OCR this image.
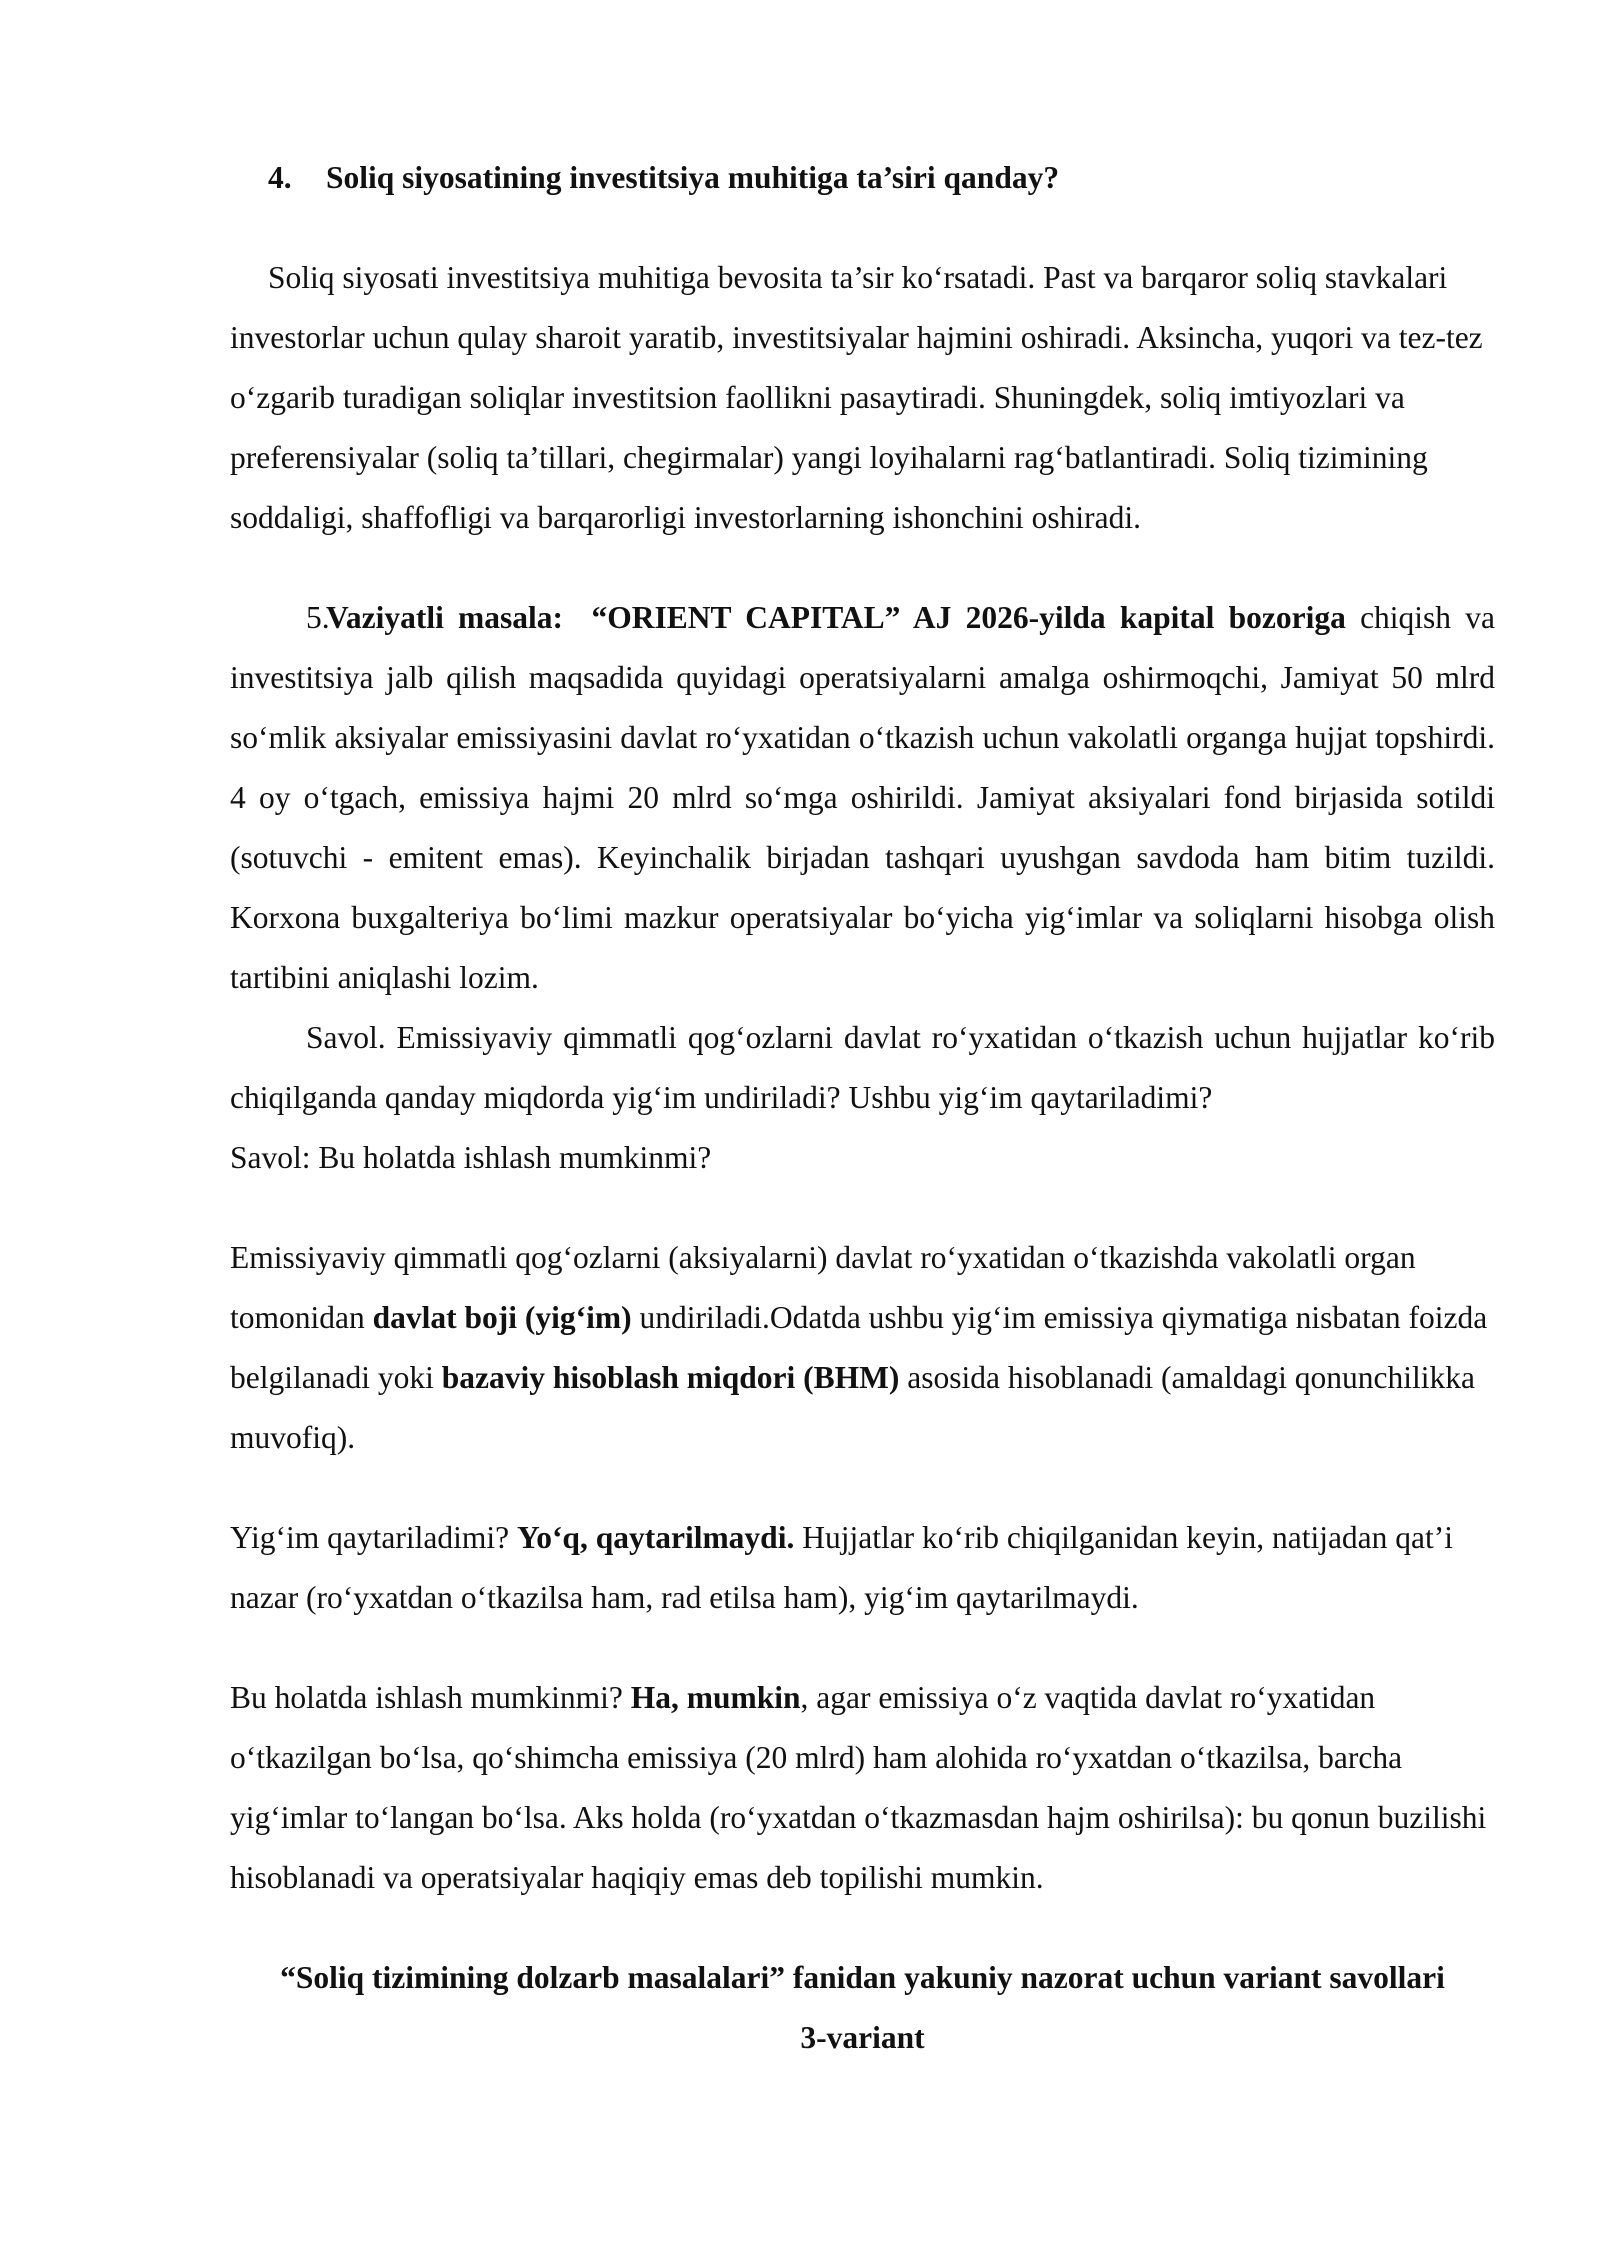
4. Soliq siyosatining investitsiya muhitiga ta’siri qanday?

Soliq siyosati investitsiya muhitiga bevosita ta’sir ko‘rsatadi. Past va barqaror soliq stavkalari investorlar uchun qulay sharoit yaratib, investitsiyalar hajmini oshiradi. Aksincha, yuqori va tez-tez o‘zgarib turadigan soliqlar investitsion faollikni pasaytiradi. Shuningdek, soliq imtiyozlari va preferensiyalar (soliq ta’tillari, chegirmalar) yangi loyihalarni rag‘batlantiradi. Soliq tizimining soddaligi, shaffofligi va barqarorligi investorlarning ishonchini oshiradi.

5.Vaziyatli masala: “ORIENT CAPITAL” AJ 2026-yilda kapital bozoriga chiqish va investitsiya jalb qilish maqsadida quyidagi operatsiyalarni amalga oshirmoqchi, Jamiyat 50 mlrd so‘mlik aksiyalar emissiyasini davlat ro‘yxatidan o‘tkazish uchun vakolatli organga hujjat topshirdi. 4 oy o‘tgach, emissiya hajmi 20 mlrd so‘mga oshirildi. Jamiyat aksiyalari fond birjasida sotildi (sotuvchi - emitent emas). Keyinchalik birjadan tashqari uyushgan savdoda ham bitim tuzildi. Korxona buxgalteriya bo‘limi mazkur operatsiyalar bo‘yicha yig‘imlar va soliqlarni hisobga olish tartibini aniqlashi lozim.

Savol. Emissiyaviy qimmatli qog‘ozlarni davlat ro‘yxatidan o‘tkazish uchun hujjatlar ko‘rib chiqilganda qanday miqdorda yig‘im undiriladi? Ushbu yig‘im qaytariladimi?

Savol: Bu holatda ishlash mumkinmi?

Emissiyaviy qimmatli qog‘ozlarni (aksiyalarni) davlat ro‘yxatidan o‘tkazishda vakolatli organ tomonidan davlat boji (yig‘im) undiriladi.Odatda ushbu yig‘im emissiya qiymatiga nisbatan foizda belgilanadi yoki bazaviy hisoblash miqdori (BHM) asosida hisoblanadi (amaldagi qonunchilikka muvofiq).

Yig‘im qaytariladimi? Yo‘q, qaytarilmaydi. Hujjatlar ko‘rib chiqilganidan keyin, natijadan qat’i nazar (ro‘yxatdan o‘tkazilsa ham, rad etilsa ham), yig‘im qaytarilmaydi.

Bu holatda ishlash mumkinmi? Ha, mumkin, agar emissiya o‘z vaqtida davlat ro‘yxatidan o‘tkazilgan bo‘lsa, qo‘shimcha emissiya (20 mlrd) ham alohida ro‘yxatdan o‘tkazilsa, barcha yig‘imlar to‘langan bo‘lsa. Aks holda (ro‘yxatdan o‘tkazmasdan hajm oshirilsa): bu qonun buzilishi hisoblanadi va operatsiyalar haqiqiy emas deb topilishi mumkin.

“Soliq tizimining dolzarb masalalari” fanidan yakuniy nazorat uchun variant savollari

3-variant
